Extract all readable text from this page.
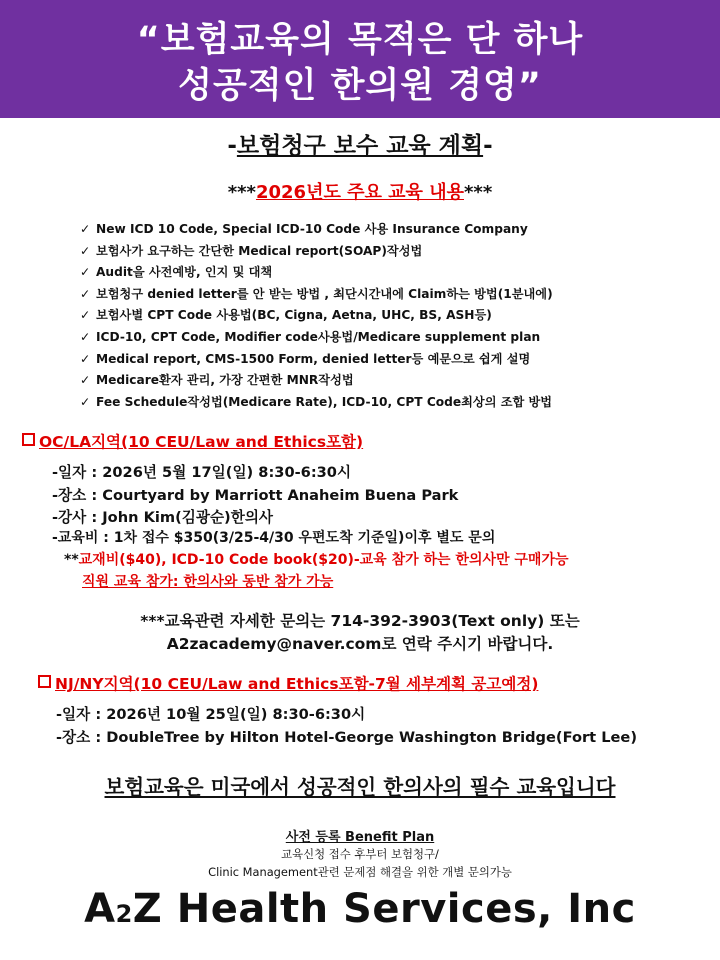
“보험교육의 목적은 단 하나
성공적인 한의원 경영”
-보험청구 보수 교육 계획-
***2026년도 주요 교육 내용***
✓ New ICD 10 Code, Special ICD-10 Code 사용 Insurance Company
✓ 보험사가 요구하는 간단한 Medical report(SOAP)작성법
✓ Audit을 사전예방, 인지 및 대책
✓ 보험청구 denied letter를 안 받는 방법 , 최단시간내에 Claim하는 방법(1분내에)
✓ 보험사별 CPT Code 사용법(BC, Cigna, Aetna, UHC, BS, ASH등)
✓ ICD-10, CPT Code, Modifier code사용법/Medicare supplement plan
✓ Medical report, CMS-1500 Form, denied letter등 예문으로 쉽게 설명
✓ Medicare환자 관리, 가장 간편한 MNR작성법
✓ Fee Schedule작성법(Medicare Rate), ICD-10, CPT Code최상의 조합 방법
OC/LA지역(10 CEU/Law and Ethics포함)
-일자 : 2026년 5월 17일(일) 8:30-6:30시
-장소 : Courtyard by Marriott Anaheim Buena Park
-강사 : John Kim(김광순)한의사
-교육비 : 1차 접수 $350(3/25-4/30 우편도착 기준일)이후 별도 문의
**교재비($40), ICD-10 Code book($20)-교육 참가 하는 한의사만 구매가능
직원 교육 참가: 한의사와 동반 참가 가능
***교육관련 자세한 문의는 714-392-3903(Text only) 또는
A2zacademy@naver.com로 연락 주시기 바랍니다.
NJ/NY지역(10 CEU/Law and Ethics포함-7월 세부계획 공고예정)
-일자 : 2026년 10월 25일(일) 8:30-6:30시
-장소 : DoubleTree by Hilton Hotel-George Washington Bridge(Fort Lee)
보험교육은 미국에서 성공적인 한의사의 필수 교육입니다
사전 등록 Benefit Plan
교육신청 접수 후부터 보험청구/
Clinic Management관련 문제점 해결을 위한 개별 문의가능
A2Z Health Services, Inc
